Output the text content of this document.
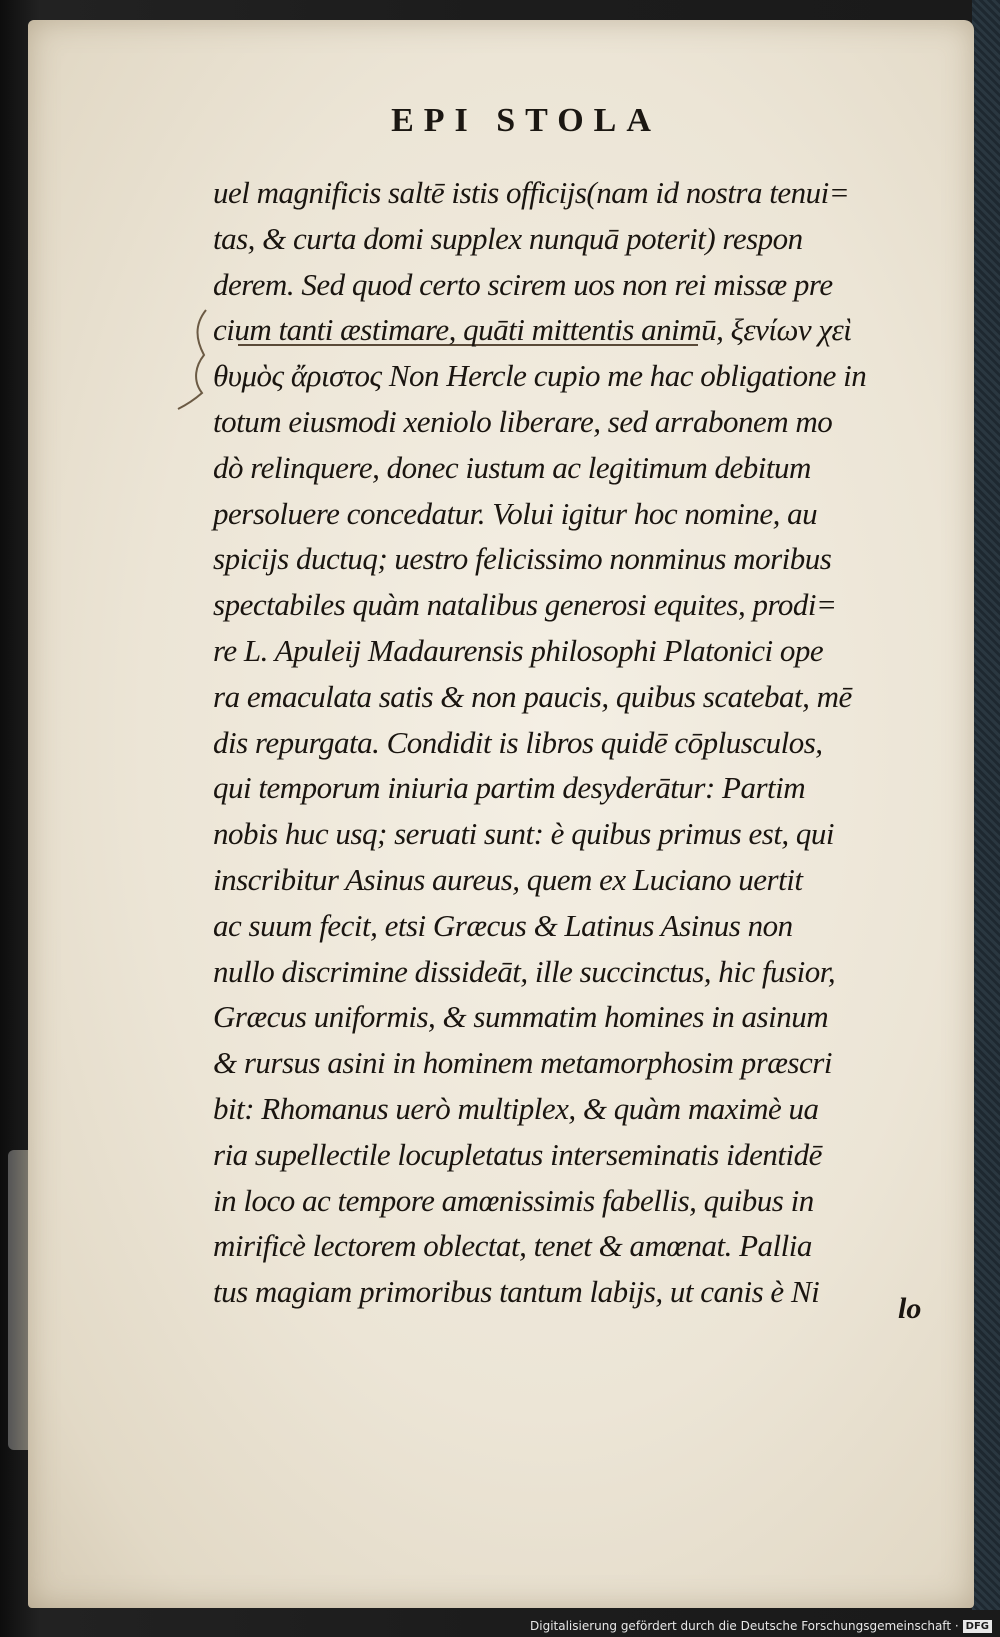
EPI STOLA
uel magnificis saltē istis officijs(nam id nostra tenui=
tas, & curta domi supplex nunquā poterit) respon
derem. Sed quod certo scirem uos non rei missæ pre
cium tanti æstimare, quāti mittentis animū, ξενίων χεὶ
θυμὸς ἄριστος Non Hercle cupio me hac obligatione in
totum eiusmodi xeniolo liberare, sed arrabonem mo
dò relinquere, donec iustum ac legitimum debitum
persoluere concedatur. Volui igitur hoc nomine, au
spicijs ductuq; uestro felicissimo nonminus moribus
spectabiles quàm natalibus generosi equites, prodi=
re L. Apuleij Madaurensis philosophi Platonici ope
ra emaculata satis & non paucis, quibus scatebat, mē
dis repurgata. Condidit is libros quidē cōplusculos,
qui temporum iniuria partim desyderātur: Partim
nobis huc usq; seruati sunt: è quibus primus est, qui
inscribitur Asinus aureus, quem ex Luciano uertit
ac suum fecit, etsi Græcus & Latinus Asinus non
nullo discrimine dissideāt, ille succinctus, hic fusior,
Græcus uniformis, & summatim homines in asinum
& rursus asini in hominem metamorphosim præscri
bit: Rhomanus uerò multiplex, & quàm maximè ua
ria supellectile locupletatus interseminatis identidē
in loco ac tempore amœnissimis fabellis, quibus in
mirificè lectorem oblectat, tenet & amœnat. Pallia
tus magiam primoribus tantum labijs, ut canis è Ni	lo
Digitalisierung gefördert durch die Deutsche Forschungsgemeinschaft · DFG
